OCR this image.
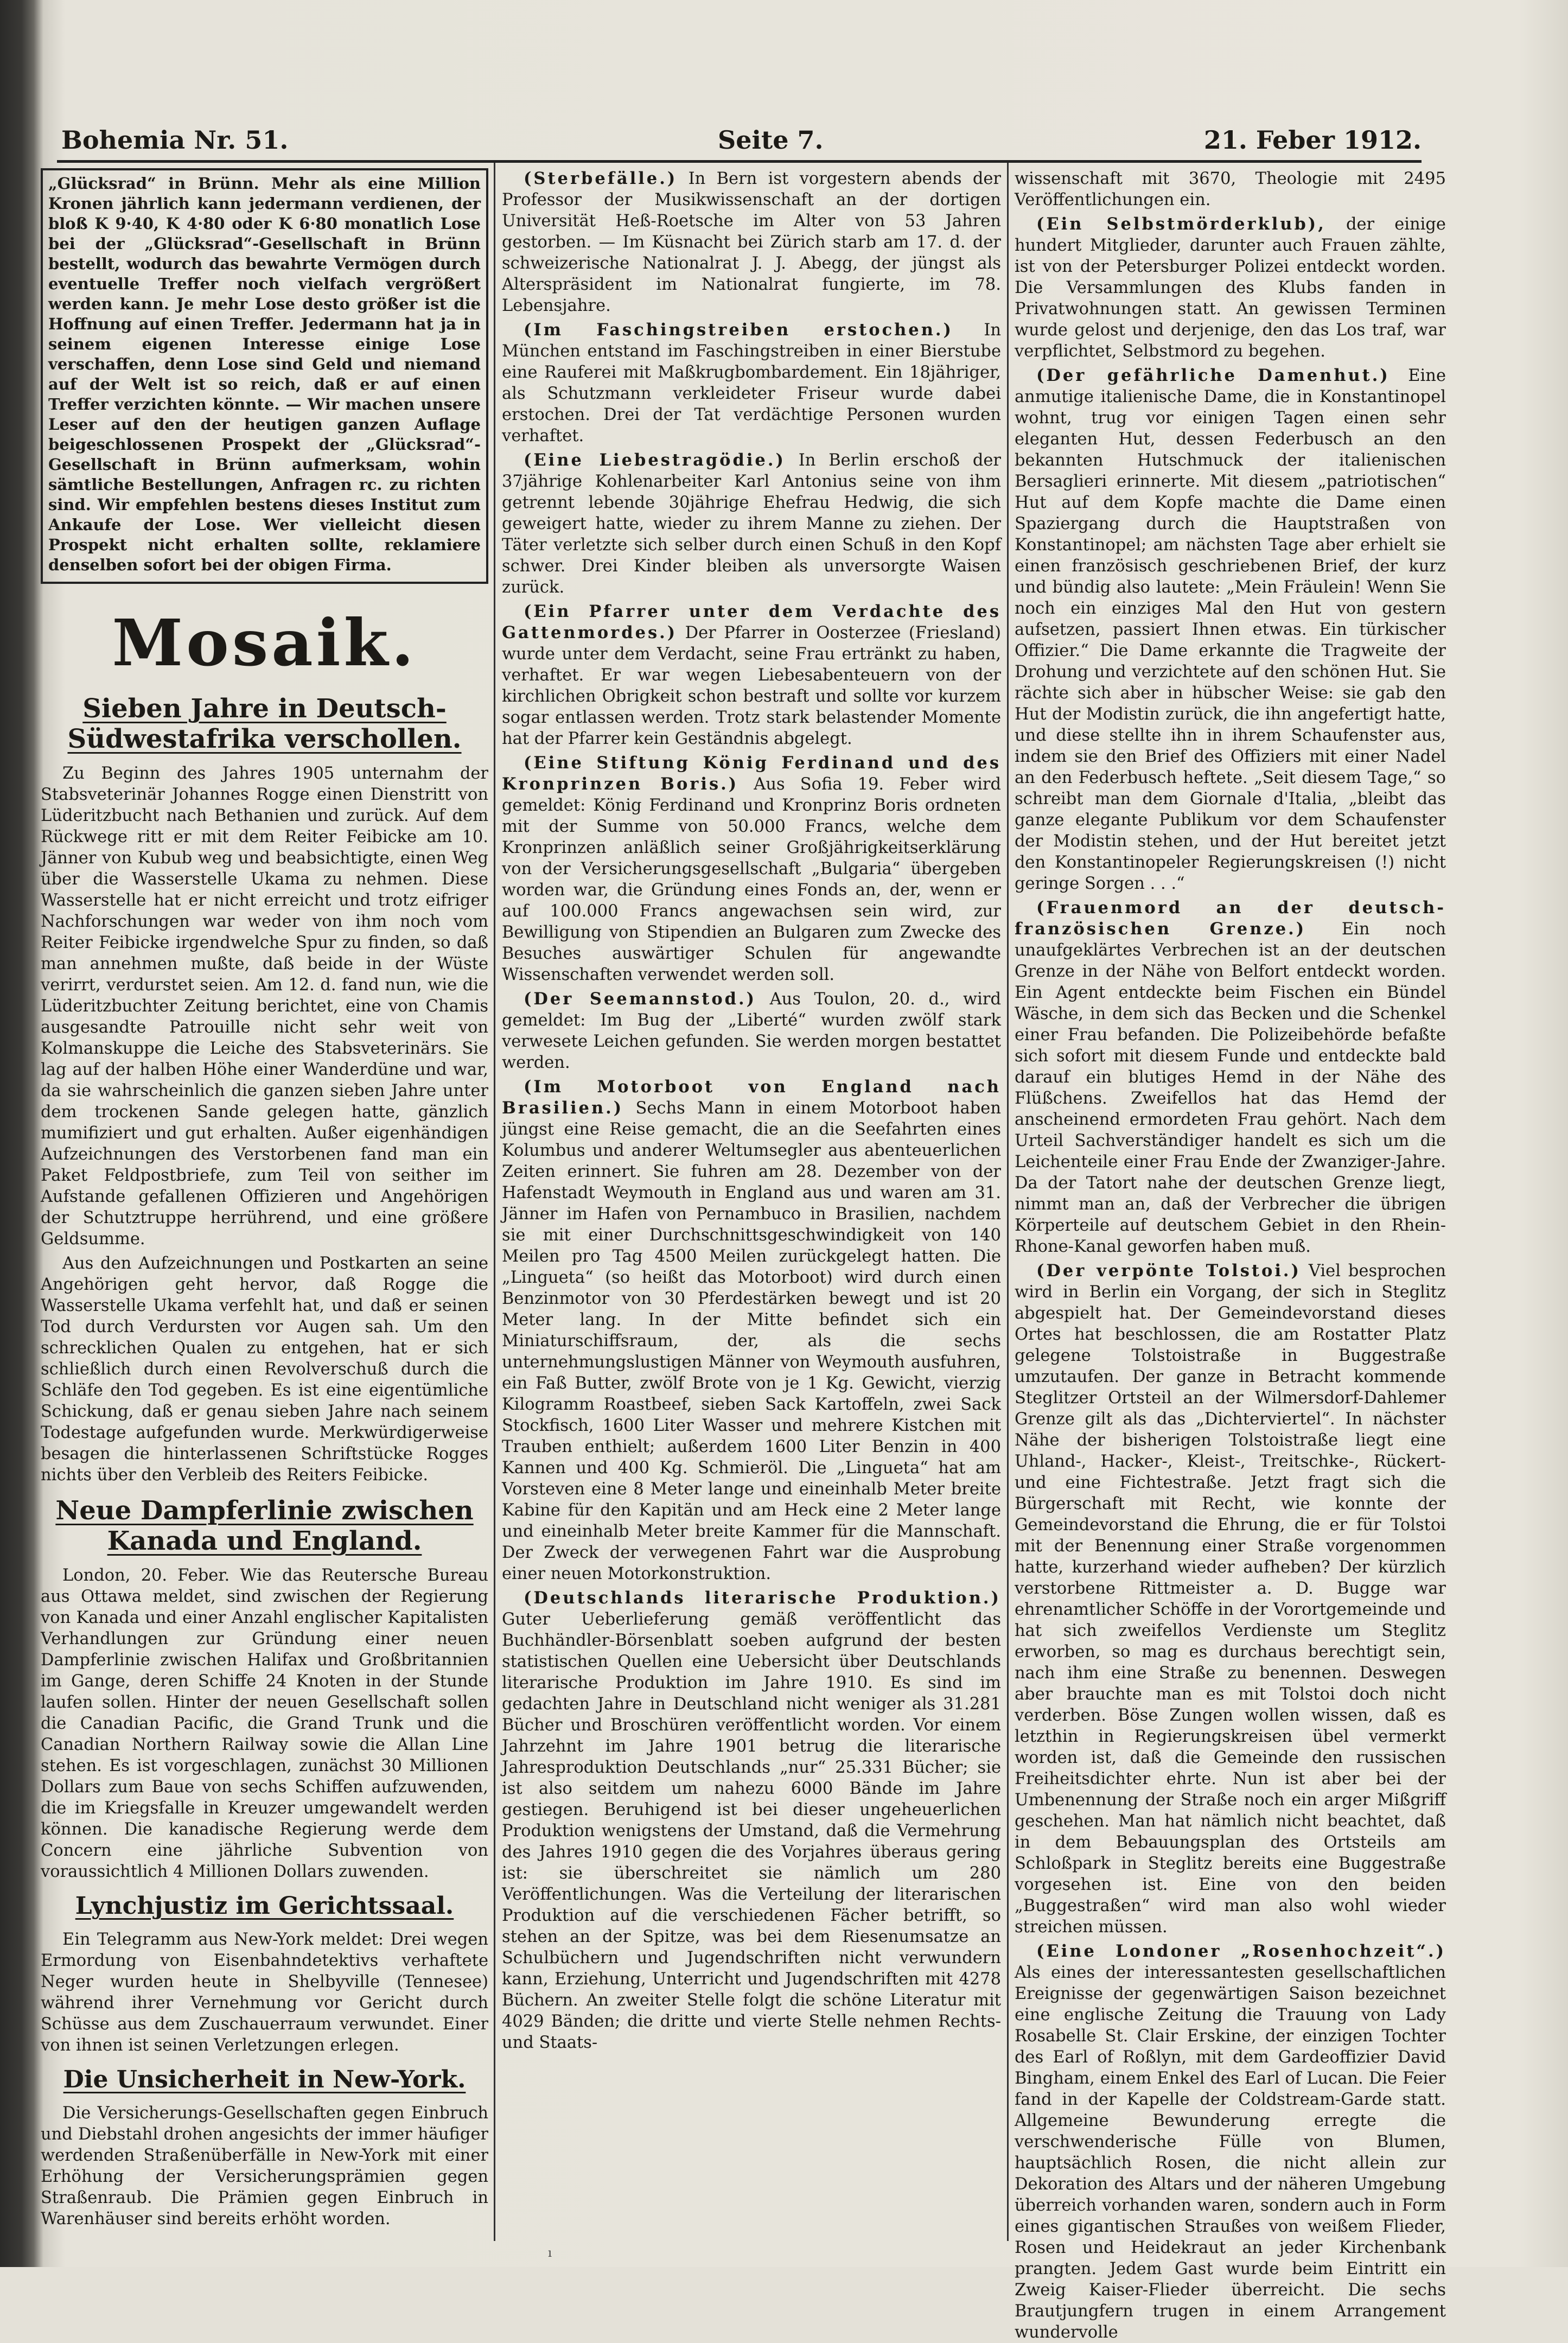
Bohemia Nr. 51.	Seite 7.	21. Feber 1912.

„Glücksrad“ in Brünn. Mehr als eine Million Kronen jährlich kann jedermann verdienen, der bloß K 9·40, K 4·80 oder K 6·80 monatlich Lose bei der „Glücksrad“-Gesellschaft in Brünn bestellt, wodurch das bewahrte Vermögen durch eventuelle Treffer noch vielfach vergrößert werden kann. Je mehr Lose desto größer ist die Hoffnung auf einen Treffer. Jedermann hat ja in seinem eigenen Interesse einige Lose verschaffen, denn Lose sind Geld und niemand auf der Welt ist so reich, daß er auf einen Treffer verzichten könnte. — Wir machen unsere Leser auf den der heutigen ganzen Auflage beigeschlossenen Prospekt der „Glücksrad“-Gesellschaft in Brünn aufmerksam, wohin sämtliche Bestellungen, Anfragen rc. zu richten sind. Wir empfehlen bestens dieses Institut zum Ankaufe der Lose. Wer vielleicht diesen Prospekt nicht erhalten sollte, reklamiere denselben sofort bei der obigen Firma.

Mosaik.
Sieben Jahre in Deutsch-Südwestafrika verschollen.

Zu Beginn des Jahres 1905 unternahm der Stabsveterinär Johannes Rogge einen Dienstritt von Lüderitzbucht nach Bethanien und zurück. Auf dem Rückwege ritt er mit dem Reiter Feibicke am 10. Jänner von Kubub weg und beabsichtigte, einen Weg über die Wasserstelle Ukama zu nehmen. Diese Wasserstelle hat er nicht erreicht und trotz eifriger Nachforschungen war weder von ihm noch vom Reiter Feibicke irgendwelche Spur zu finden, so daß man annehmen mußte, daß beide in der Wüste verirrt, verdurstet seien. Am 12. d. fand nun, wie die Lüderitzbuchter Zeitung berichtet, eine von Chamis ausgesandte Patrouille nicht sehr weit von Kolmanskuppe die Leiche des Stabsveterinärs. Sie lag auf der halben Höhe einer Wanderdüne und war, da sie wahrscheinlich die ganzen sieben Jahre unter dem trockenen Sande gelegen hatte, gänzlich mumifiziert und gut erhalten. Außer eigenhändigen Aufzeichnungen des Verstorbenen fand man ein Paket Feldpostbriefe, zum Teil von seither im Aufstande gefallenen Offizieren und Angehörigen der Schutztruppe herrührend, und eine größere Geldsumme.

Aus den Aufzeichnungen und Postkarten an seine Angehörigen geht hervor, daß Rogge die Wasserstelle Ukama verfehlt hat, und daß er seinen Tod durch Verdursten vor Augen sah. Um den schrecklichen Qualen zu entgehen, hat er sich schließlich durch einen Revolverschuß durch die Schläfe den Tod gegeben. Es ist eine eigentümliche Schickung, daß er genau sieben Jahre nach seinem Todestage aufgefunden wurde. Merkwürdigerweise besagen die hinterlassenen Schriftstücke Rogges nichts über den Verbleib des Reiters Feibicke.

Neue Dampferlinie zwischen Kanada und England.

London, 20. Feber. Wie das Reutersche Bureau aus Ottawa meldet, sind zwischen der Regierung von Kanada und einer Anzahl englischer Kapitalisten Verhandlungen zur Gründung einer neuen Dampferlinie zwischen Halifax und Großbritannien im Gange, deren Schiffe 24 Knoten in der Stunde laufen sollen. Hinter der neuen Gesellschaft sollen die Canadian Pacific, die Grand Trunk und die Canadian Northern Railway sowie die Allan Line stehen. Es ist vorgeschlagen, zunächst 30 Millionen Dollars zum Baue von sechs Schiffen aufzuwenden, die im Kriegsfalle in Kreuzer umgewandelt werden können. Die kanadische Regierung werde dem Concern eine jährliche Subvention von voraussichtlich 4 Millionen Dollars zuwenden.

Lynchjustiz im Gerichtssaal.

Ein Telegramm aus New-York meldet: Drei wegen Ermordung von Eisenbahndetektivs verhaftete Neger wurden heute in Shelbyville (Tennesee) während ihrer Vernehmung vor Gericht durch Schüsse aus dem Zuschauerraum verwundet. Einer von ihnen ist seinen Verletzungen erlegen.

Die Unsicherheit in New-York.

Die Versicherungs-Gesellschaften gegen Einbruch und Diebstahl drohen angesichts der immer häufiger werdenden Straßenüberfälle in New-York mit einer Erhöhung der Versicherungsprämien gegen Straßenraub. Die Prämien gegen Einbruch in Warenhäuser sind bereits erhöht worden.

(Sterbefälle.) In Bern ist vorgestern abends der Professor der Musikwissenschaft an der dortigen Universität Heß-Roetsche im Alter von 53 Jahren gestorben. — Im Küsnacht bei Zürich starb am 17. d. der schweizerische Nationalrat J. J. Abegg, der jüngst als Alterspräsident im Nationalrat fungierte, im 78. Lebensjahre.

(Im Faschingstreiben erstochen.) In München entstand im Faschingstreiben in einer Bierstube eine Rauferei mit Maßkrugbombardement. Ein 18jähriger, als Schutzmann verkleideter Friseur wurde dabei erstochen. Drei der Tat verdächtige Personen wurden verhaftet.

(Eine Liebestragödie.) In Berlin erschoß der 37jährige Kohlenarbeiter Karl Antonius seine von ihm getrennt lebende 30jährige Ehefrau Hedwig, die sich geweigert hatte, wieder zu ihrem Manne zu ziehen. Der Täter verletzte sich selber durch einen Schuß in den Kopf schwer. Drei Kinder bleiben als unversorgte Waisen zurück.

(Ein Pfarrer unter dem Verdachte des Gattenmordes.) Der Pfarrer in Oosterzee (Friesland) wurde unter dem Verdacht, seine Frau ertränkt zu haben, verhaftet. Er war wegen Liebesabenteuern von der kirchlichen Obrigkeit schon bestraft und sollte vor kurzem sogar entlassen werden. Trotz stark belastender Momente hat der Pfarrer kein Geständnis abgelegt.

(Eine Stiftung König Ferdinand und des Kronprinzen Boris.) Aus Sofia 19. Feber wird gemeldet: König Ferdinand und Kronprinz Boris ordneten mit der Summe von 50.000 Francs, welche dem Kronprinzen anläßlich seiner Großjährigkeitserklärung von der Versicherungsgesellschaft „Bulgaria“ übergeben worden war, die Gründung eines Fonds an, der, wenn er auf 100.000 Francs angewachsen sein wird, zur Bewilligung von Stipendien an Bulgaren zum Zwecke des Besuches auswärtiger Schulen für angewandte Wissenschaften verwendet werden soll.

(Der Seemannstod.) Aus Toulon, 20. d., wird gemeldet: Im Bug der „Liberté“ wurden zwölf stark verwesete Leichen gefunden. Sie werden morgen bestattet werden.

(Im Motorboot von England nach Brasilien.) Sechs Mann in einem Motorboot haben jüngst eine Reise gemacht, die an die Seefahrten eines Kolumbus und anderer Weltumsegler aus abenteuerlichen Zeiten erinnert. Sie fuhren am 28. Dezember von der Hafenstadt Weymouth in England aus und waren am 31. Jänner im Hafen von Pernambuco in Brasilien, nachdem sie mit einer Durchschnittsgeschwindigkeit von 140 Meilen pro Tag 4500 Meilen zurückgelegt hatten. Die „Lingueta“ (so heißt das Motorboot) wird durch einen Benzinmotor von 30 Pferdestärken bewegt und ist 20 Meter lang. In der Mitte befindet sich ein Miniaturschiffsraum, der, als die sechs unternehmungslustigen Männer von Weymouth ausfuhren, ein Faß Butter, zwölf Brote von je 1 Kg. Gewicht, vierzig Kilogramm Roastbeef, sieben Sack Kartoffeln, zwei Sack Stockfisch, 1600 Liter Wasser und mehrere Kistchen mit Trauben enthielt; außerdem 1600 Liter Benzin in 400 Kannen und 400 Kg. Schmieröl. Die „Lingueta“ hat am Vorsteven eine 8 Meter lange und eineinhalb Meter breite Kabine für den Kapitän und am Heck eine 2 Meter lange und eineinhalb Meter breite Kammer für die Mannschaft. Der Zweck der verwegenen Fahrt war die Ausprobung einer neuen Motorkonstruktion.

(Deutschlands literarische Produktion.) Guter Ueberlieferung gemäß veröffentlicht das Buchhändler-Börsenblatt soeben aufgrund der besten statistischen Quellen eine Uebersicht über Deutschlands literarische Produktion im Jahre 1910. Es sind im gedachten Jahre in Deutschland nicht weniger als 31.281 Bücher und Broschüren veröffentlicht worden. Vor einem Jahrzehnt im Jahre 1901 betrug die literarische Jahresproduktion Deutschlands „nur“ 25.331 Bücher; sie ist also seitdem um nahezu 6000 Bände im Jahre gestiegen. Beruhigend ist bei dieser ungeheuerlichen Produktion wenigstens der Umstand, daß die Vermehrung des Jahres 1910 gegen die des Vorjahres überaus gering ist: sie überschreitet sie nämlich um 280 Veröffentlichungen. Was die Verteilung der literarischen Produktion auf die verschiedenen Fächer betrifft, so stehen an der Spitze, was bei dem Riesenumsatze an Schulbüchern und Jugendschriften nicht verwundern kann, Erziehung, Unterricht und Jugendschriften mit 4278 Büchern. An zweiter Stelle folgt die schöne Literatur mit 4029 Bänden; die dritte und vierte Stelle nehmen Rechts- und Staats-

wissenschaft mit 3670, Theologie mit 2495 Veröffentlichungen ein.

(Ein Selbstmörderklub), der einige hundert Mitglieder, darunter auch Frauen zählte, ist von der Petersburger Polizei entdeckt worden. Die Versammlungen des Klubs fanden in Privatwohnungen statt. An gewissen Terminen wurde gelost und derjenige, den das Los traf, war verpflichtet, Selbstmord zu begehen.

(Der gefährliche Damenhut.) Eine anmutige italienische Dame, die in Konstantinopel wohnt, trug vor einigen Tagen einen sehr eleganten Hut, dessen Federbusch an den bekannten Hutschmuck der italienischen Bersaglieri erinnerte. Mit diesem „patriotischen“ Hut auf dem Kopfe machte die Dame einen Spaziergang durch die Hauptstraßen von Konstantinopel; am nächsten Tage aber erhielt sie einen französisch geschriebenen Brief, der kurz und bündig also lautete: „Mein Fräulein! Wenn Sie noch ein einziges Mal den Hut von gestern aufsetzen, passiert Ihnen etwas. Ein türkischer Offizier.“ Die Dame erkannte die Tragweite der Drohung und verzichtete auf den schönen Hut. Sie rächte sich aber in hübscher Weise: sie gab den Hut der Modistin zurück, die ihn angefertigt hatte, und diese stellte ihn in ihrem Schaufenster aus, indem sie den Brief des Offiziers mit einer Nadel an den Federbusch heftete. „Seit diesem Tage,“ so schreibt man dem Giornale d'Italia, „bleibt das ganze elegante Publikum vor dem Schaufenster der Modistin stehen, und der Hut bereitet jetzt den Konstantinopeler Regierungskreisen (!) nicht geringe Sorgen . . .“

(Frauenmord an der deutsch-französischen Grenze.) Ein noch unaufgeklärtes Verbrechen ist an der deutschen Grenze in der Nähe von Belfort entdeckt worden. Ein Agent entdeckte beim Fischen ein Bündel Wäsche, in dem sich das Becken und die Schenkel einer Frau befanden. Die Polizeibehörde befaßte sich sofort mit diesem Funde und entdeckte bald darauf ein blutiges Hemd in der Nähe des Flüßchens. Zweifellos hat das Hemd der anscheinend ermordeten Frau gehört. Nach dem Urteil Sachverständiger handelt es sich um die Leichenteile einer Frau Ende der Zwanziger-Jahre. Da der Tatort nahe der deutschen Grenze liegt, nimmt man an, daß der Verbrecher die übrigen Körperteile auf deutschem Gebiet in den Rhein-Rhone-Kanal geworfen haben muß.

(Der verpönte Tolstoi.) Viel besprochen wird in Berlin ein Vorgang, der sich in Steglitz abgespielt hat. Der Gemeindevorstand dieses Ortes hat beschlossen, die am Rostatter Platz gelegene Tolstoistraße in Buggestraße umzutaufen. Der ganze in Betracht kommende Steglitzer Ortsteil an der Wilmersdorf-Dahlemer Grenze gilt als das „Dichterviertel“. In nächster Nähe der bisherigen Tolstoistraße liegt eine Uhland-, Hacker-, Kleist-, Treitschke-, Rückert- und eine Fichtestraße. Jetzt fragt sich die Bürgerschaft mit Recht, wie konnte der Gemeindevorstand die Ehrung, die er für Tolstoi mit der Benennung einer Straße vorgenommen hatte, kurzerhand wieder aufheben? Der kürzlich verstorbene Rittmeister a. D. Bugge war ehrenamtlicher Schöffe in der Vorortgemeinde und hat sich zweifellos Verdienste um Steglitz erworben, so mag es durchaus berechtigt sein, nach ihm eine Straße zu benennen. Deswegen aber brauchte man es mit Tolstoi doch nicht verderben. Böse Zungen wollen wissen, daß es letzthin in Regierungskreisen übel vermerkt worden ist, daß die Gemeinde den russischen Freiheitsdichter ehrte. Nun ist aber bei der Umbenennung der Straße noch ein arger Mißgriff geschehen. Man hat nämlich nicht beachtet, daß in dem Bebauungsplan des Ortsteils am Schloßpark in Steglitz bereits eine Buggestraße vorgesehen ist. Eine von den beiden „Buggestraßen“ wird man also wohl wieder streichen müssen.

(Eine Londoner „Rosenhochzeit“.) Als eines der interessantesten gesellschaftlichen Ereignisse der gegenwärtigen Saison bezeichnet eine englische Zeitung die Trauung von Lady Rosabelle St. Clair Erskine, der einzigen Tochter des Earl of Roßlyn, mit dem Gardeoffizier David Bingham, einem Enkel des Earl of Lucan. Die Feier fand in der Kapelle der Coldstream-Garde statt. Allgemeine Bewunderung erregte die verschwenderische Fülle von Blumen, hauptsächlich Rosen, die nicht allein zur Dekoration des Altars und der näheren Umgebung überreich vorhanden waren, sondern auch in Form eines gigantischen Straußes von weißem Flieder, Rosen und Heidekraut an jeder Kirchenbank prangten. Jedem Gast wurde beim Eintritt ein Zweig Kaiser-Flieder überreicht. Die sechs Brautjungfern trugen in einem Arrangement wundervolle

ı
